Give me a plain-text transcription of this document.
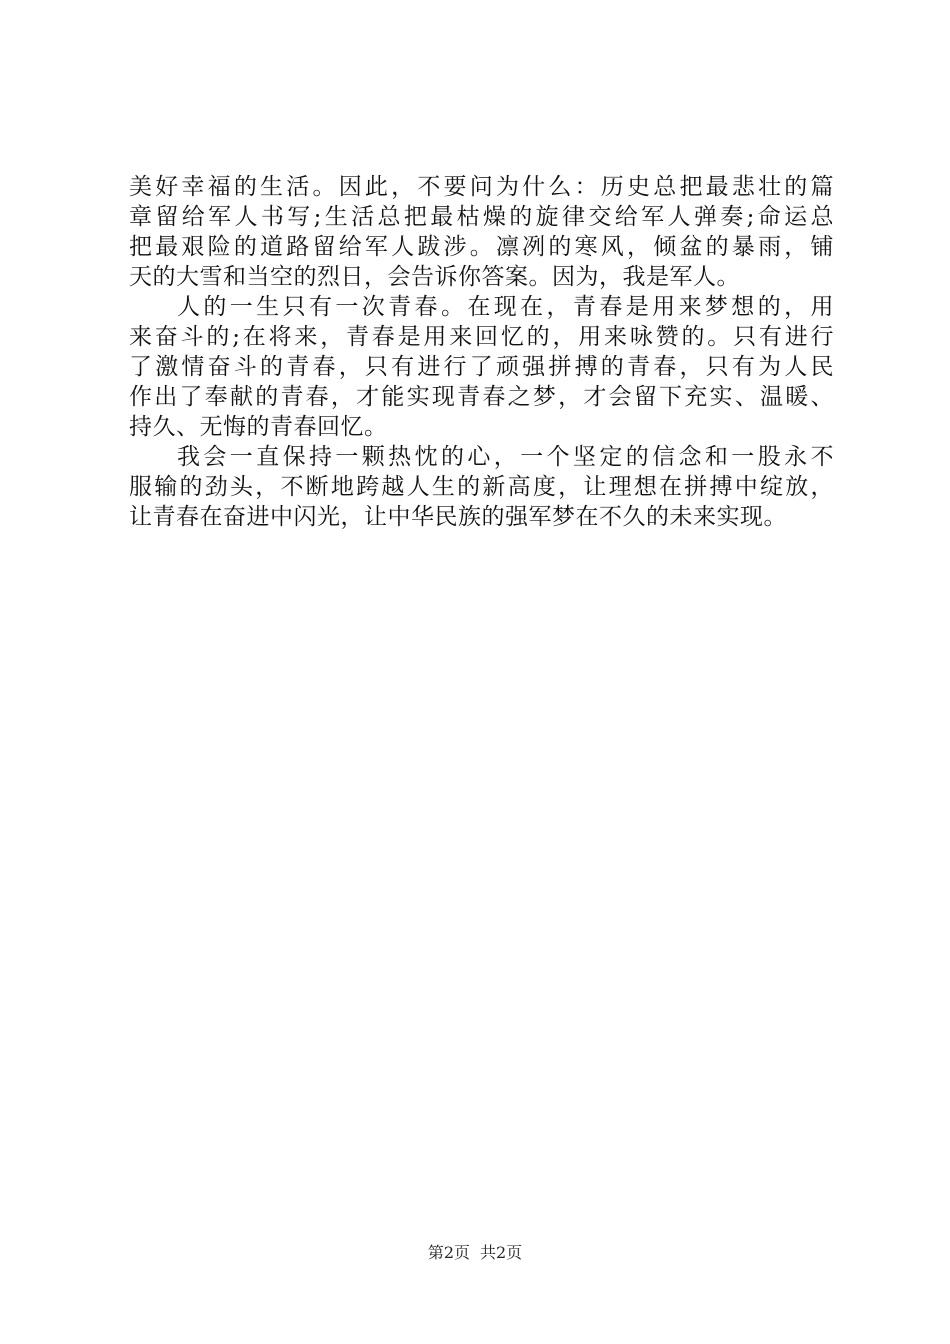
美好幸福的生活。因此，不要问为什么：历史总把最悲壮的篇
章留给军人书写;生活总把最枯燥的旋律交给军人弹奏;命运总
把最艰险的道路留给军人跋涉。凛冽的寒风，倾盆的暴雨，铺
天的大雪和当空的烈日，会告诉你答案。因为，我是军人。
人的一生只有一次青春。在现在，青春是用来梦想的，用
来奋斗的;在将来，青春是用来回忆的，用来咏赞的。只有进行
了激情奋斗的青春，只有进行了顽强拼搏的青春，只有为人民
作出了奉献的青春，才能实现青春之梦，才会留下充实、温暖、
持久、无悔的青春回忆。
我会一直保持一颗热忱的心，一个坚定的信念和一股永不
服输的劲头，不断地跨越人生的新高度，让理想在拼搏中绽放，
让青春在奋进中闪光，让中华民族的强军梦在不久的未来实现。
第2页 共2页
